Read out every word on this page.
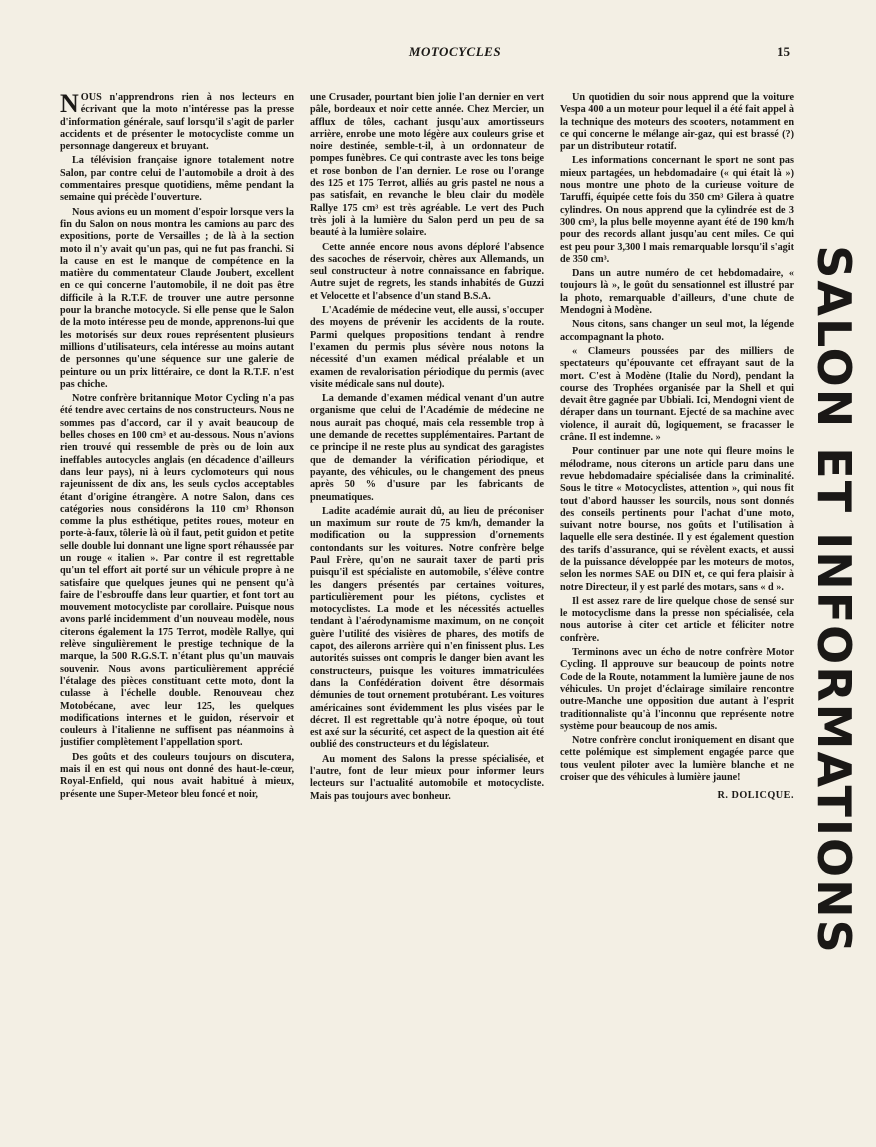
MOTOCYCLES	15

NOUS n'apprendrons rien à nos lecteurs en écrivant que la moto n'intéresse pas la presse d'information générale, sauf lorsqu'il s'agit de parler accidents et de présenter le motocycliste comme un personnage dangereux et bruyant.

La télévision française ignore totalement notre Salon, par contre celui de l'automobile a droit à des commentaires presque quotidiens, même pendant la semaine qui précède l'ouverture.

Nous avions eu un moment d'espoir lorsque vers la fin du Salon on nous montra les camions au parc des expositions, porte de Versailles ; de là à la section moto il n'y avait qu'un pas, qui ne fut pas franchi. Si la cause en est le manque de compétence en la matière du commentateur Claude Joubert, excellent en ce qui concerne l'automobile, il ne doit pas être difficile à la R.T.F. de trouver une autre personne pour la branche motocycle. Si elle pense que le Salon de la moto intéresse peu de monde, apprenons-lui que les motorisés sur deux roues représentent plusieurs millions d'utilisateurs, cela intéresse au moins autant de personnes qu'une séquence sur une galerie de peinture ou un prix littéraire, ce dont la R.T.F. n'est pas chiche.

Notre confrère britannique Motor Cycling n'a pas été tendre avec certains de nos constructeurs. Nous ne sommes pas d'accord, car il y avait beaucoup de belles choses en 100 cm³ et au-dessous. Nous n'avions rien trouvé qui ressemble de près ou de loin aux ineffables autocycles anglais (en décadence d'ailleurs dans leur pays), ni à leurs cyclomoteurs qui nous rajeunissent de dix ans, les seuls cyclos acceptables étant d'origine étrangère. A notre Salon, dans ces catégories nous considérons la 110 cm³ Rhonson comme la plus esthétique, petites roues, moteur en porte-à-faux, tôlerie là où il faut, petit guidon et petite selle double lui donnant une ligne sport réhaussée par un rouge « italien ». Par contre il est regrettable qu'un tel effort ait porté sur un véhicule propre à ne satisfaire que quelques jeunes qui ne pensent qu'à faire de l'esbrouffe dans leur quartier, et font tort au mouvement motocycliste par corollaire. Puisque nous avons parlé incidemment d'un nouveau modèle, nous citerons également la 175 Terrot, modèle Rallye, qui relève singulièrement le prestige technique de la marque, la 500 R.G.S.T. n'étant plus qu'un mauvais souvenir. Nous avons particulièrement apprécié l'étalage des pièces constituant cette moto, dont la culasse à l'échelle double. Renouveau chez Motobécane, avec leur 125, les quelques modifications internes et le guidon, réservoir et couleurs à l'italienne ne suffisent pas néanmoins à justifier complètement l'appellation sport.

Des goûts et des couleurs toujours on discutera, mais il en est qui nous ont donné des haut-le-cœur, Royal-Enfield, qui nous avait habitué à mieux, présente une Super-Meteor bleu foncé et noir,

une Crusader, pourtant bien jolie l'an dernier en vert pâle, bordeaux et noir cette année. Chez Mercier, un afflux de tôles, cachant jusqu'aux amortisseurs arrière, enrobe une moto légère aux couleurs grise et noire destinée, semble-t-il, à un ordonnateur de pompes funèbres. Ce qui contraste avec les tons beige et rose bonbon de l'an dernier. Le rose ou l'orange des 125 et 175 Terrot, alliés au gris pastel ne nous a pas satisfait, en revanche le bleu clair du modèle Rallye 175 cm³ est très agréable. Le vert des Puch très joli à la lumière du Salon perd un peu de sa beauté à la lumière solaire.

Cette année encore nous avons déploré l'absence des sacoches de réservoir, chères aux Allemands, un seul constructeur à notre connaissance en fabrique. Autre sujet de regrets, les stands inhabités de Guzzi et Velocette et l'absence d'un stand B.S.A.

L'Académie de médecine veut, elle aussi, s'occuper des moyens de prévenir les accidents de la route. Parmi quelques propositions tendant à rendre l'examen du permis plus sévère nous notons la nécessité d'un examen médical préalable et un examen de revalorisation périodique du permis (avec visite médicale sans nul doute).

La demande d'examen médical venant d'un autre organisme que celui de l'Académie de médecine ne nous aurait pas choqué, mais cela ressemble trop à une demande de recettes supplémentaires. Partant de ce principe il ne reste plus au syndicat des garagistes que de demander la vérification périodique, et payante, des véhicules, ou le changement des pneus après 50 % d'usure par les fabricants de pneumatiques.

Ladite académie aurait dû, au lieu de préconiser un maximum sur route de 75 km/h, demander la modification ou la suppression d'ornements contondants sur les voitures. Notre confrère belge Paul Frère, qu'on ne saurait taxer de parti pris puisqu'il est spécialiste en automobile, s'élève contre les dangers présentés par certaines voitures, particulièrement pour les piétons, cyclistes et motocyclistes. La mode et les nécessités actuelles tendant à l'aérodynamisme maximum, on ne conçoit guère l'utilité des visières de phares, des motifs de capot, des ailerons arrière qui n'en finissent plus. Les autorités suisses ont compris le danger bien avant les constructeurs, puisque les voitures immatriculées dans la Confédération doivent être désormais démunies de tout ornement protubérant. Les voitures américaines sont évidemment les plus visées par le décret. Il est regrettable qu'à notre époque, où tout est axé sur la sécurité, cet aspect de la question ait été oublié des constructeurs et du législateur.

Au moment des Salons la presse spécialisée, et l'autre, font de leur mieux pour informer leurs lecteurs sur l'actualité automobile et motocycliste. Mais pas toujours avec bonheur.

Un quotidien du soir nous apprend que la voiture Vespa 400 a un moteur pour lequel il a été fait appel à la technique des moteurs des scooters, notamment en ce qui concerne le mélange air-gaz, qui est brassé (?) par un distributeur rotatif.

Les informations concernant le sport ne sont pas mieux partagées, un hebdomadaire (« qui était là ») nous montre une photo de la curieuse voiture de Taruffi, équipée cette fois du 350 cm³ Gilera à quatre cylindres. On nous apprend que la cylindrée est de 3 300 cm³, la plus belle moyenne ayant été de 190 km/h pour des records allant jusqu'au cent miles. Ce qui est peu pour 3,300 l mais remarquable lorsqu'il s'agit de 350 cm³.

Dans un autre numéro de cet hebdomadaire, « toujours là », le goût du sensationnel est illustré par la photo, remarquable d'ailleurs, d'une chute de Mendogni à Modène.

Nous citons, sans changer un seul mot, la légende accompagnant la photo.

« Clameurs poussées par des milliers de spectateurs qu'épouvante cet effrayant saut de la mort. C'est à Modène (Italie du Nord), pendant la course des Trophées organisée par la Shell et qui devait être gagnée par Ubbiali. Ici, Mendogni vient de déraper dans un tournant. Ejecté de sa machine avec violence, il aurait dû, logiquement, se fracasser le crâne. Il est indemne. »

Pour continuer par une note qui fleure moins le mélodrame, nous citerons un article paru dans une revue hebdomadaire spécialisée dans la criminalité. Sous le titre « Motocyclistes, attention », qui nous fit tout d'abord hausser les sourcils, nous sont donnés des conseils pertinents pour l'achat d'une moto, suivant notre bourse, nos goûts et l'utilisation à laquelle elle sera destinée. Il y est également question des tarifs d'assurance, qui se révèlent exacts, et aussi de la puissance développée par les moteurs de motos, selon les normes SAE ou DIN et, ce qui fera plaisir à notre Directeur, il y est parlé des motars, sans « d ».

Il est assez rare de lire quelque chose de sensé sur le motocyclisme dans la presse non spécialisée, cela nous autorise à citer cet article et féliciter notre confrère.

Terminons avec un écho de notre confrère Motor Cycling. Il approuve sur beaucoup de points notre Code de la Route, notamment la lumière jaune de nos véhicules. Un projet d'éclairage similaire rencontre outre-Manche une opposition due autant à l'esprit traditionnaliste qu'à l'inconnu que représente notre système pour beaucoup de nos amis.

Notre confrère conclut ironiquement en disant que cette polémique est simplement engagée parce que tous veulent piloter avec la lumière blanche et ne croiser que des véhicules à lumière jaune!

R. DOLICQUE. SALON ET INFORMATIONS
